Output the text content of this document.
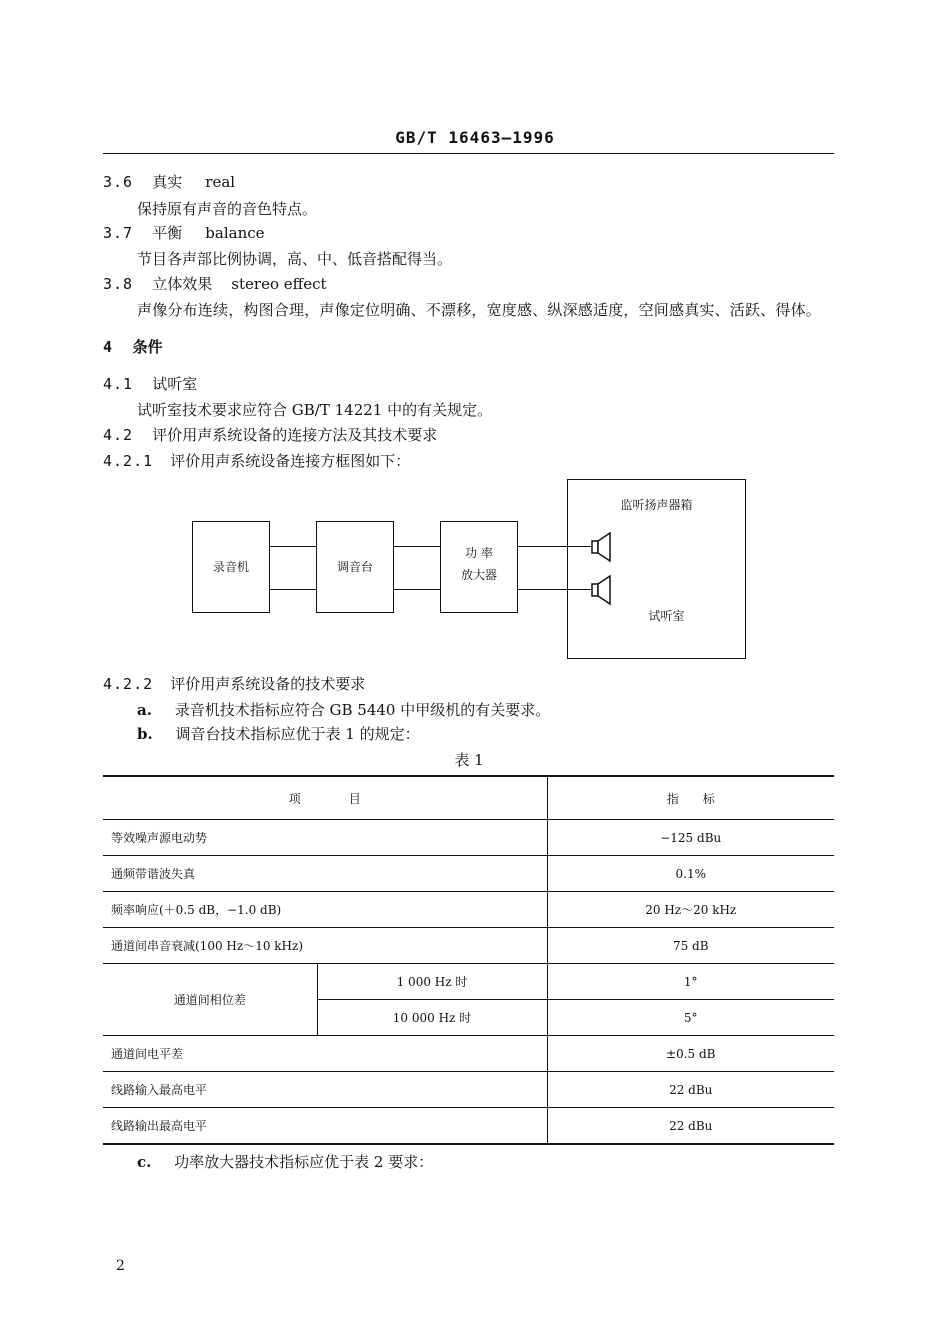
GB/T 16463—1996
3.6 真实 real
保持原有声音的音色特点。
3.7 平衡 balance
节目各声部比例协调，高、中、低音搭配得当。
3.8 立体效果 stereo effect
声像分布连续，构图合理，声像定位明确、不漂移，宽度感、纵深感适度，空间感真实、活跃、得体。
4 条件
4.1 试听室
试听室技术要求应符合 GB/T 14221 中的有关规定。
4.2 评价用声系统设备的连接方法及其技术要求
4.2.1 评价用声系统设备连接方框图如下：
监听扬声器箱
试听室
录音机	调音台
功 率
放大器
4.2.2 评价用声系统设备的技术要求
a. 录音机技术指标应符合 GB 5440 中甲级机的有关要求。
b. 调音台技术指标应优于表 1 的规定：
表 1
项　　　　目		指　　标
等效噪声源电动势		−125 dBu
通频带谐波失真		0.1%
频率响应(＋0.5 dB，−1.0 dB)		20 Hz～20 kHz
通道间串音衰减(100 Hz～10 kHz)		75 dB
通道间相位差	1 000 Hz 时	1°
	10 000 Hz 时	5°
通道间电平差		±0.5 dB
线路输入最高电平		22 dBu
线路输出最高电平		22 dBu
c. 功率放大器技术指标应优于表 2 要求：
2
